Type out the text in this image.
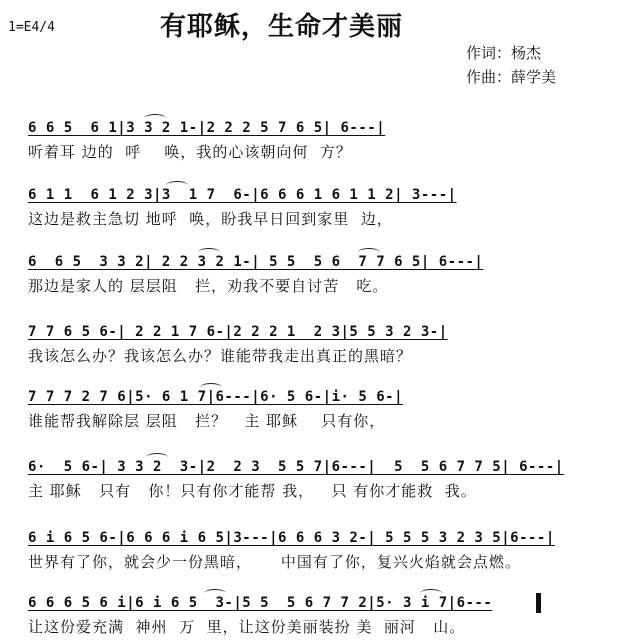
1=E4/4	有耶稣，生命才美丽
作词：杨杰
作曲：薛学美
6 6 5  6 1|3 3 2 1-|2 2 2 5 7 6 5| 6---|
听着耳 边的  呼    唤，我的心该朝向何  方？
6 1 1  6 1 2 3|3  1 7  6-|6 6 6 1 6 1 1 2| 3---|
这边是救主急切 地呼  唤，盼我早日回到家里  边，
6  6 5  3 3 2| 2 2 3 2 1-| 5 5  5 6  7 7 6 5| 6---|
那边是家人的 层层阻   拦，劝我不要自讨苦   吃。
7 7 6 5 6-| 2 2 1 7 6-|2 2 2 1  2 3|5 5 3 2 3-|
我该怎么办？我该怎么办？谁能带我走出真正的黑暗？
7 7 7 2 7 6|5· 6 1 7|6---|6· 5 6-|i· 5 6-|
谁能帮我解除层 层阻   拦？   主 耶稣    只有你，
6·  5 6-| 3 3 2  3-|2  2 3  5 5 7|6---|  5  5 6 7 7 5| 6---|
主 耶稣   只有   你！只有你才能帮 我，   只 有你才能救  我。
6 i 6 5 6-|6 6 6 i 6 5|3---|6 6 6 3 2-| 5 5 5 3 2 3 5|6---|
世界有了你，就会少一份黑暗，     中国有了你，复兴火焰就会点燃。
6 6 6 5 6 i|6 i 6 5  3-|5 5  5 6 7 7 2|5· 3 i 7|6---
让这份爱充满  神州  万  里，让这份美丽装扮 美  丽河   山。
